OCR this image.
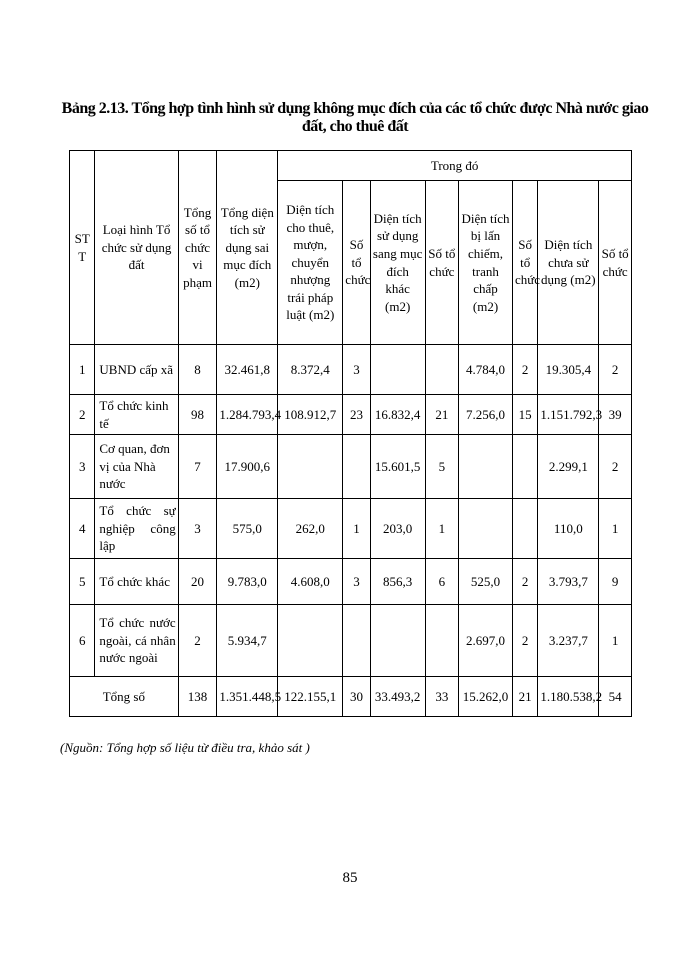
Bảng 2.13. Tổng hợp tình hình sử dụng không mục đích của các tổ chức được Nhà nước giao đất, cho thuê đất
ST T	Loại hình Tổ chức sử dụng đất	Tổng số tổ chức vi phạm	Tổng diện tích sử dụng sai mục đích (m2)	Trong đó							
				Diện tích cho thuê, mượn, chuyển nhượng trái pháp luật (m2)	Số tổ chức	Diện tích sử dụng sang mục đích khác (m2)	Số tổ chức	Diện tích bị lấn chiếm, tranh chấp (m2)	Số tổ chức	Diện tích chưa sử dụng (m2)	Số tổ chức
1	UBND cấp xã	8	32.461,8	8.372,4	3			4.784,0	2	19.305,4	2
2	Tổ chức kinh tế	98	1.284.793,4	108.912,7	23	16.832,4	21	7.256,0	15	1.151.792,3	39
3	Cơ quan, đơn vị của Nhà nước	7	17.900,6			15.601,5	5			2.299,1	2
4	Tổ chức sự nghiệp công lập	3	575,0	262,0	1	203,0	1			110,0	1
5	Tổ chức khác	20	9.783,0	4.608,0	3	856,3	6	525,0	2	3.793,7	9
6	Tổ chức nước ngoài, cá nhân nước ngoài	2	5.934,7					2.697,0	2	3.237,7	1
Tổng số		138	1.351.448,5	122.155,1	30	33.493,2	33	15.262,0	21	1.180.538,2	54
(Nguồn: Tổng hợp số liệu từ điều tra, khảo sát )
85
